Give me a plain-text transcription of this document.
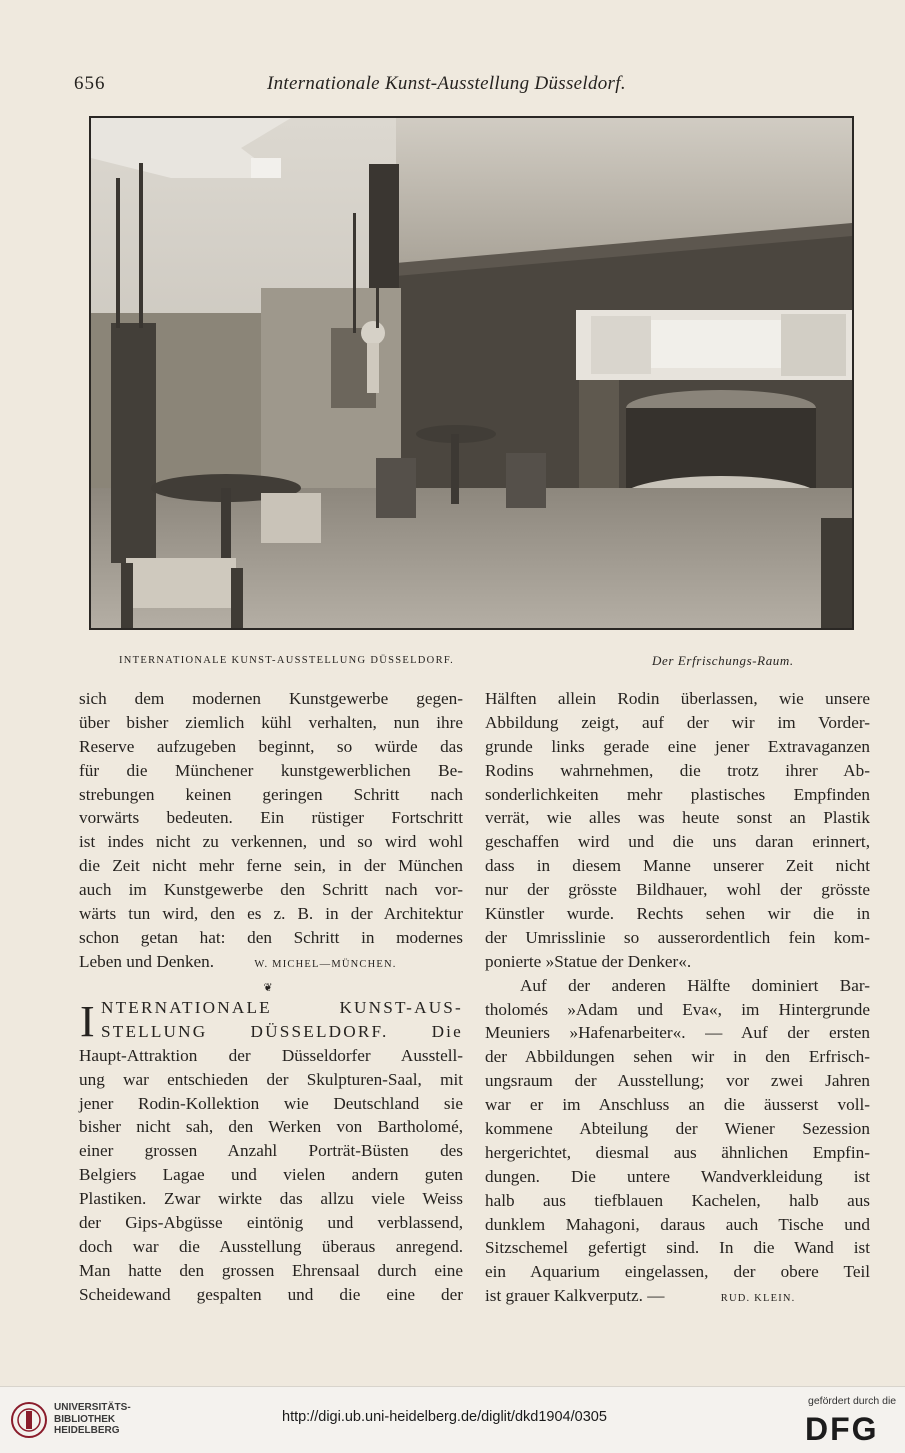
656	Internationale Kunst-Ausstellung Düsseldorf.
INTERNATIONALE KUNST-AUSSTELLUNG DÜSSELDORF.	Der Erfrischungs-Raum.
sich dem modernen Kunstgewerbe gegen-
über bisher ziemlich kühl verhalten, nun ihre
Reserve aufzugeben beginnt, so würde das
für die Münchener kunstgewerblichen Be-
strebungen keinen geringen Schritt nach
vorwärts bedeuten. Ein rüstiger Fortschritt
ist indes nicht zu verkennen, und so wird wohl
die Zeit nicht mehr ferne sein, in der München
auch im Kunstgewerbe den Schritt nach vor-
wärts tun wird, den es z. B. in der Architektur
schon getan hat: den Schritt in modernes
Leben und Denken.	W. MICHEL—MÜNCHEN.
❦
I NTERNATIONALE KUNST-AUS-
STELLUNG DÜSSELDORF. Die
Haupt-Attraktion der Düsseldorfer Ausstell-
ung war entschieden der Skulpturen-Saal, mit
jener Rodin-Kollektion wie Deutschland sie
bisher nicht sah, den Werken von Bartholomé,
einer grossen Anzahl Porträt-Büsten des
Belgiers Lagae und vielen andern guten
Plastiken. Zwar wirkte das allzu viele Weiss
der Gips-Abgüsse eintönig und verblassend,
doch war die Ausstellung überaus anregend.
Man hatte den grossen Ehrensaal durch eine
Scheidewand gespalten und die eine der
Hälften allein Rodin überlassen, wie unsere
Abbildung zeigt, auf der wir im Vorder-
grunde links gerade eine jener Extravaganzen
Rodins wahrnehmen, die trotz ihrer Ab-
sonderlichkeiten mehr plastisches Empfinden
verrät, wie alles was heute sonst an Plastik
geschaffen wird und die uns daran erinnert,
dass in diesem Manne unserer Zeit nicht
nur der grösste Bildhauer, wohl der grösste
Künstler wurde. Rechts sehen wir die in
der Umrisslinie so ausserordentlich fein kom-
ponierte »Statue der Denker«.
Auf der anderen Hälfte dominiert Bar-
tholomés »Adam und Eva«, im Hintergrunde
Meuniers »Hafenarbeiter«. — Auf der ersten
der Abbildungen sehen wir in den Erfrisch-
ungsraum der Ausstellung; vor zwei Jahren
war er im Anschluss an die äusserst voll-
kommene Abteilung der Wiener Sezession
hergerichtet, diesmal aus ähnlichen Empfin-
dungen. Die untere Wandverkleidung ist
halb aus tiefblauen Kachelen, halb aus
dunklem Mahagoni, daraus auch Tische und
Sitzschemel gefertigt sind. In die Wand ist
ein Aquarium eingelassen, der obere Teil
ist grauer Kalkverputz. —	RUD. KLEIN.
UNIVERSITÄTS-
BIBLIOTHEK
HEIDELBERG
http://digi.ub.uni-heidelberg.de/diglit/dkd1904/0305
gefördert durch die
DFG
